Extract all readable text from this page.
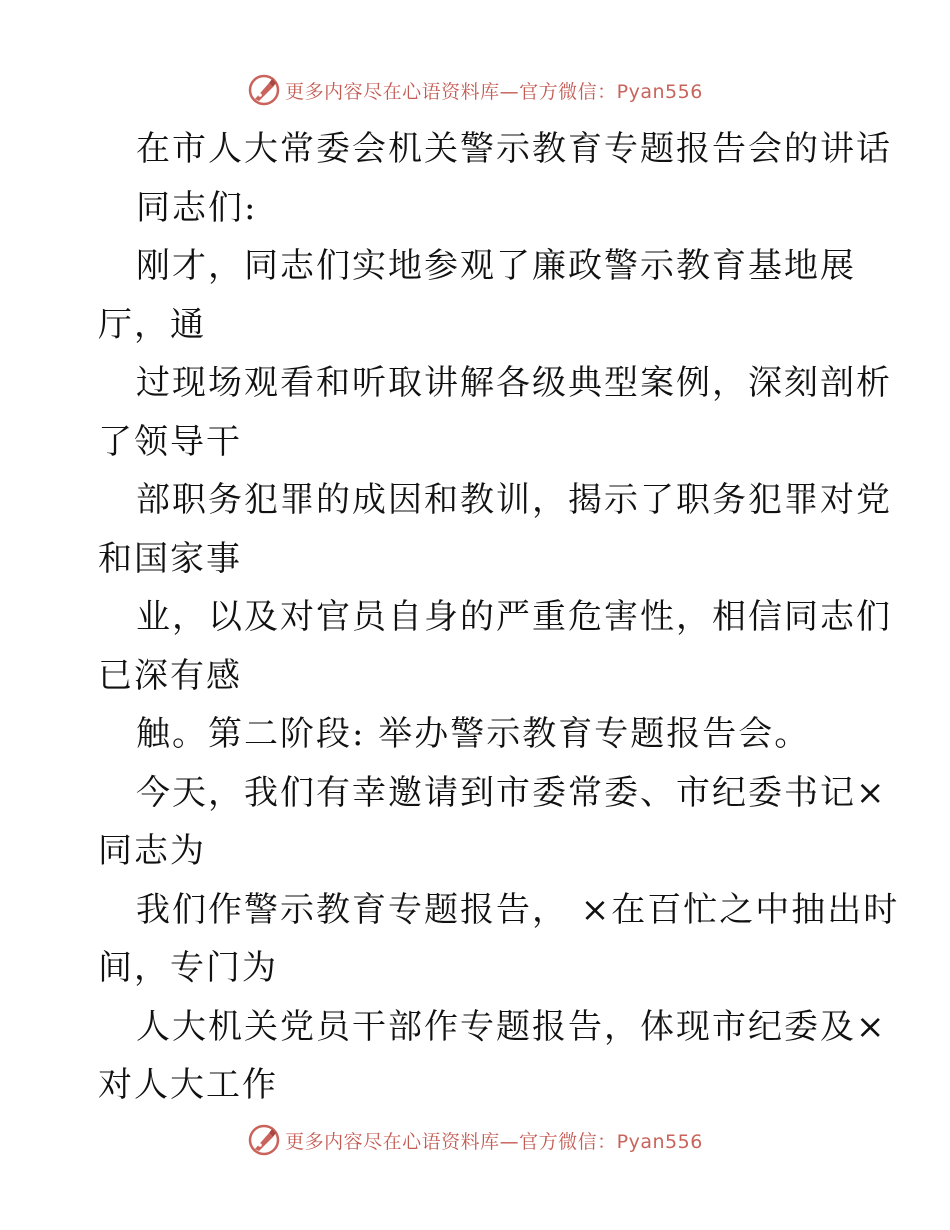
更多内容尽在心语资料库—官方微信：Pyan556
在市人大常委会机关警示教育专题报告会的讲话
同志们:
刚才，同志们实地参观了廉政警示教育基地展
厅，通
过现场观看和听取讲解各级典型案例，深刻剖析
了领导干
部职务犯罪的成因和教训，揭示了职务犯罪对党
和国家事
业，以及对官员自身的严重危害性，相信同志们
已深有感
触。第二阶段: 举办警示教育专题报告会。
今天，我们有幸邀请到市委常委、市纪委书记×
同志为
我们作警示教育专题报告， ×在百忙之中抽出时
间，专门为
人大机关党员干部作专题报告，体现市纪委及×
对人大工作
更多内容尽在心语资料库—官方微信：Pyan556
